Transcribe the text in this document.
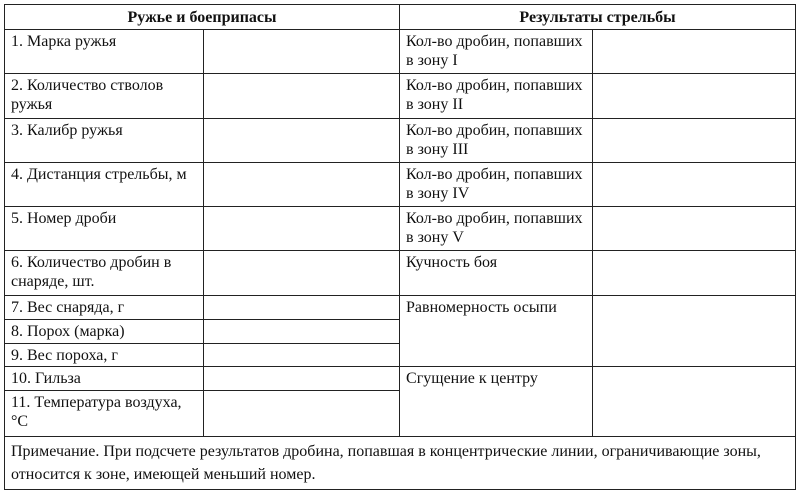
Ружье и боеприпасы		Результаты стрельбы	
1. Марка ружья		Кол-во дробин, попавших в зону I	
2. Количество стволов ружья		Кол-во дробин, попавших в зону II	
3. Калибр ружья		Кол-во дробин, попавших в зону III	
4. Дистанция стрельбы, м		Кол-во дробин, попавших в зону IV	
5. Номер дроби		Кол-во дробин, попавших в зону V	
6. Количество дробин в снаряде, шт.		Кучность боя	
7. Вес снаряда, г		Равномерность осыпи	
8. Порох (марка)			
9. Вес пороха, г			
10. Гильза		Сгущение к центру	
11. Температура воздуха, °C			
Примечание. При подсчете результатов дробина, попавшая в концентрические линии, ограничивающие зоны, относится к зоне, имеющей меньший номер.			
